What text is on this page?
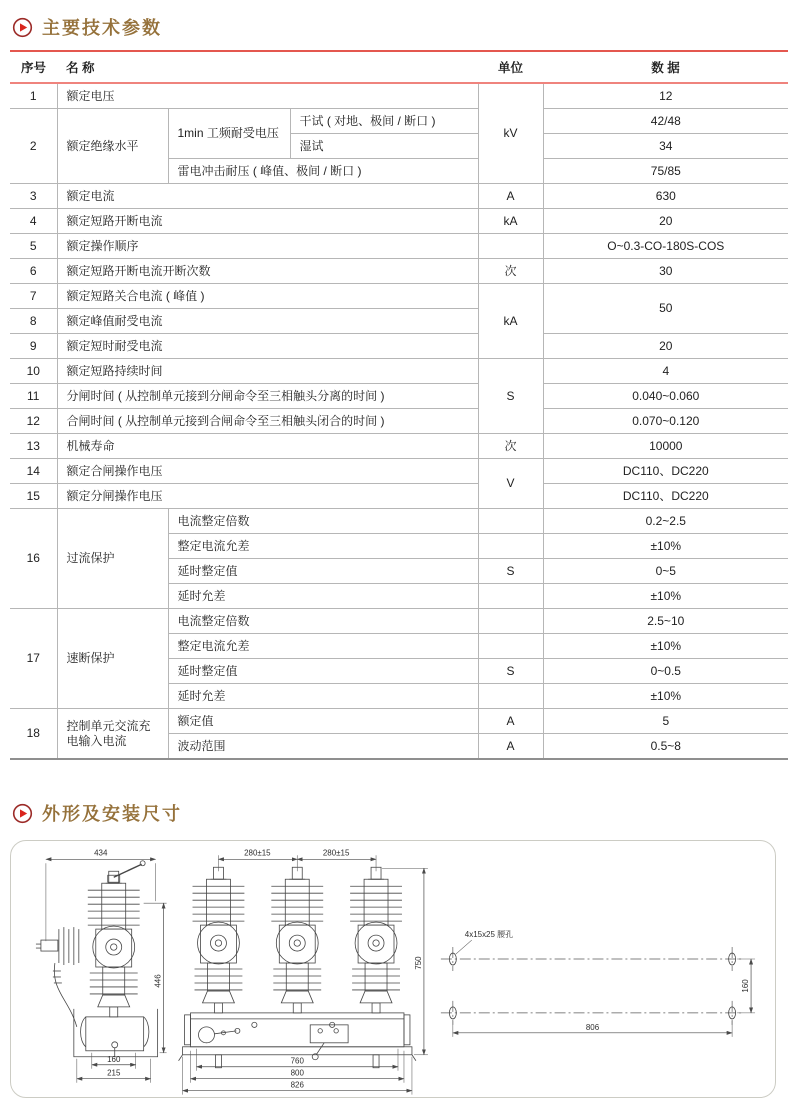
主要技术参数
序号	名 称			单位	数 据
1	额定电压			kV	12
2	额定绝缘水平	1min 工频耐受电压	干试 ( 对地、极间 / 断口 )		42/48
			湿试		34
		雷电冲击耐压 ( 峰值、极间 / 断口 )			75/85
3	额定电流			A	630
4	额定短路开断电流			kA	20
5	额定操作顺序				O~0.3-CO-180S-COS
6	额定短路开断电流开断次数			次	30
7	额定短路关合电流 ( 峰值 )			kA	50
8	额定峰值耐受电流				
9	额定短时耐受电流				20
10	额定短路持续时间			S	4
11	分闸时间 ( 从控制单元接到分闸命令至三相触头分离的时间 )				0.040~0.060
12	合闸时间 ( 从控制单元接到合闸命令至三相触头闭合的时间 )				0.070~0.120
13	机械寿命			次	10000
14	额定合闸操作电压			V	DC110、DC220
15	额定分闸操作电压				DC110、DC220
16	过流保护	电流整定倍数			0.2~2.5
		整定电流允差			±10%
		延时整定值		S	0~5
		延时允差			±10%
17	速断保护	电流整定倍数			2.5~10
		整定电流允差			±10%
		延时整定值		S	0~0.5
		延时允差			±10%
18	控制单元交流充电输入电流	额定值		A	5
		波动范围		A	0.5~8
外形及安装尺寸
434
446
160
215
280±15	280±15
750
760
800
826
4x15x25 腰孔
806
160
